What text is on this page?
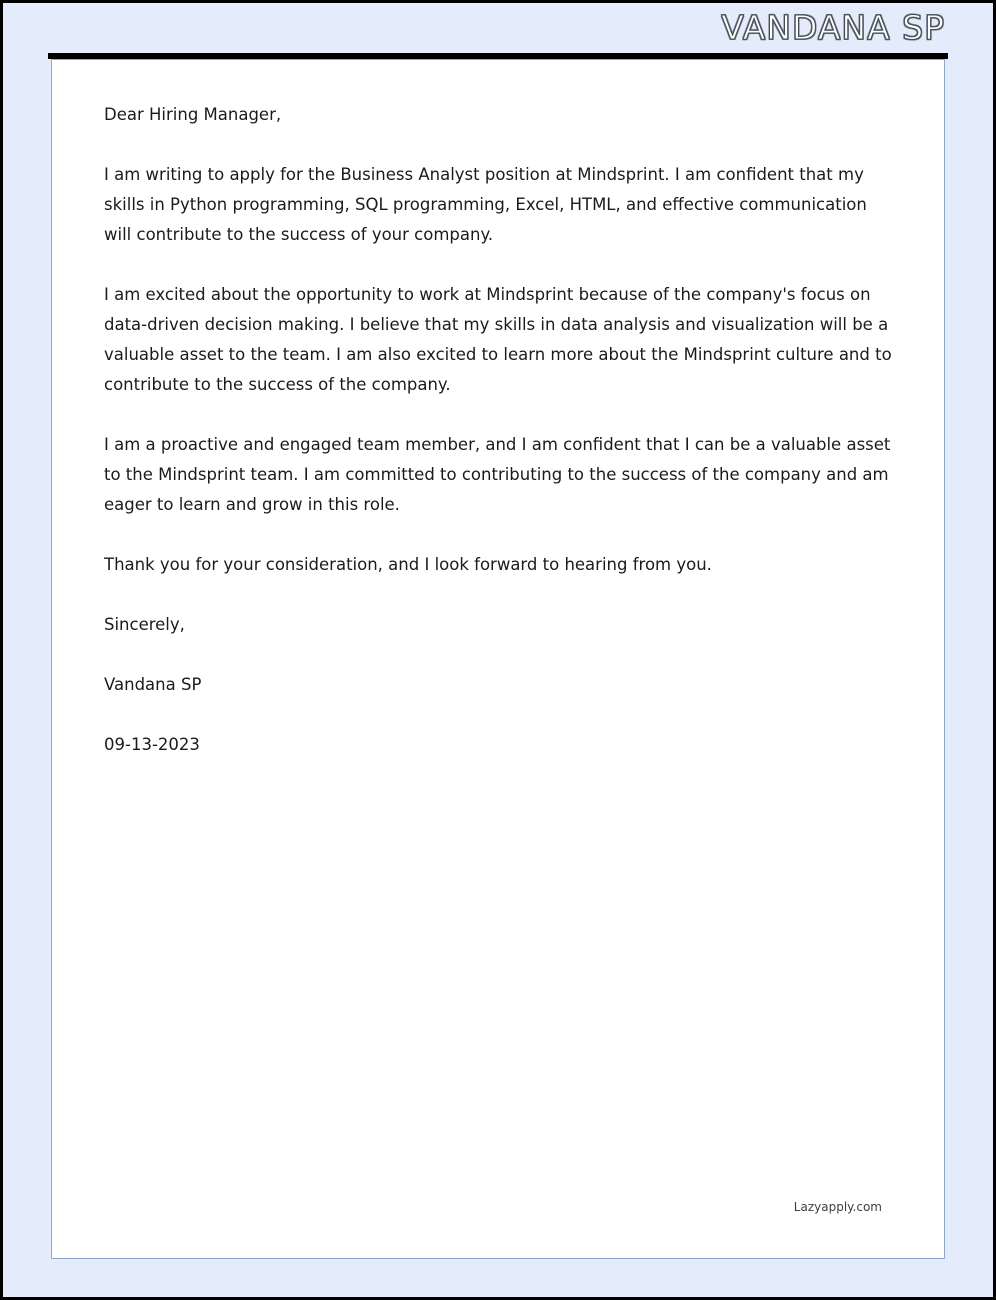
VANDANA SP

Dear Hiring Manager,

I am writing to apply for the Business Analyst position at Mindsprint. I am confident that my skills in Python programming, SQL programming, Excel, HTML, and effective communication will contribute to the success of your company.

I am excited about the opportunity to work at Mindsprint because of the company's focus on data-driven decision making. I believe that my skills in data analysis and visualization will be a valuable asset to the team. I am also excited to learn more about the Mindsprint culture and to contribute to the success of the company.

I am a proactive and engaged team member, and I am confident that I can be a valuable asset to the Mindsprint team. I am committed to contributing to the success of the company and am eager to learn and grow in this role.

Thank you for your consideration, and I look forward to hearing from you.

Sincerely,

Vandana SP

09-13-2023

Lazyapply.com
